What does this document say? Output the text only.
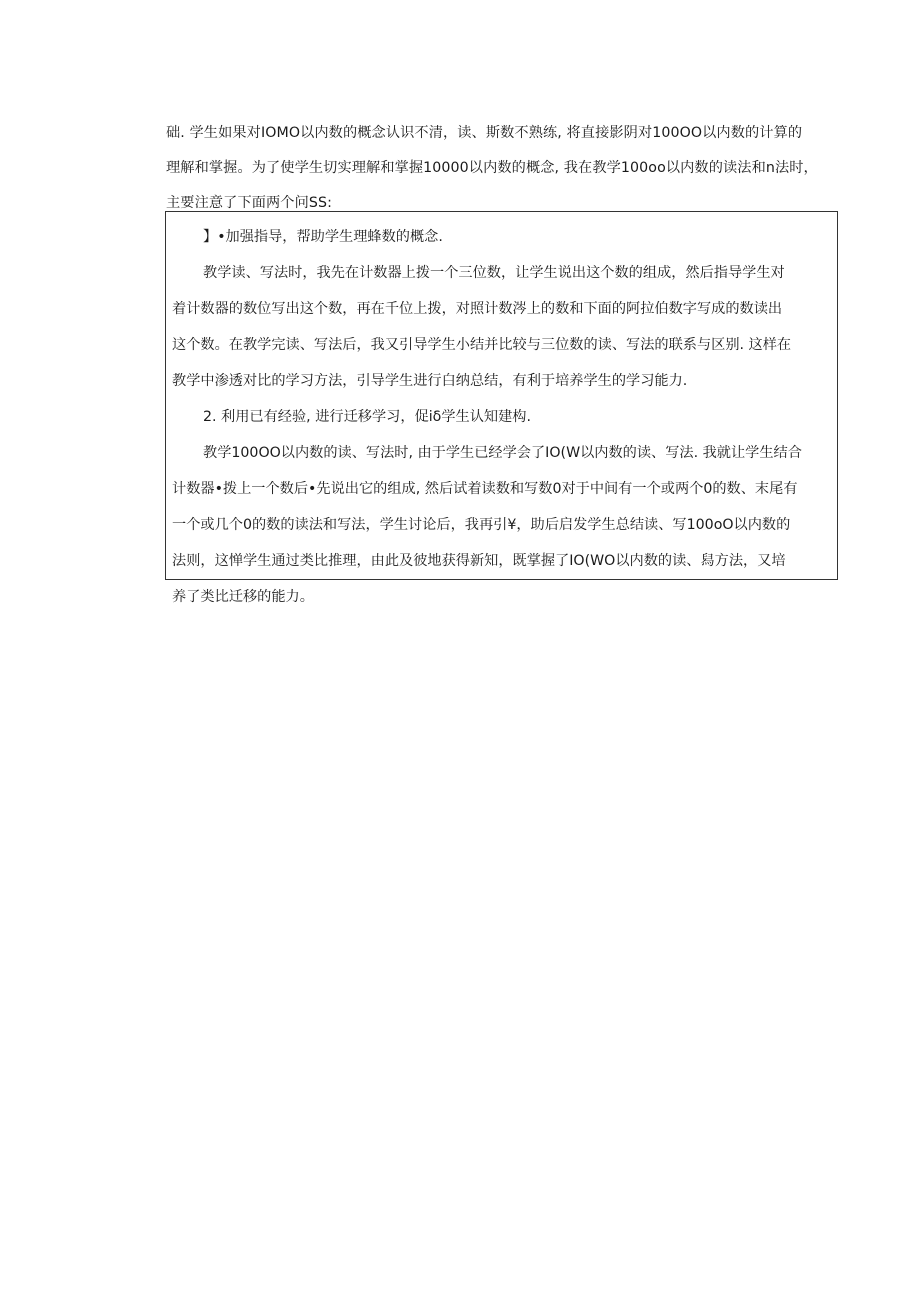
础. 学生如果对IOMO以内数的概念认识不清，读、斯数不熟练, 将直接影阴对100OO以内数的计算的

理解和掌握。为了使学生切实理解和掌握10000以内数的概念, 我在教学100oo以内数的读法和n法时，

主要注意了下面两个问SS:

】•加强指导，帮助学生理蜂数的概念.

教学读、写法时，我先在计数器上拨一个三位数，让学生说出这个数的组成，然后指导学生对

着计数器的数位写出这个数，再在千位上拨，对照计数涔上的数和下面的阿拉伯数字写成的数读出

这个数。在教学完读、写法后，我又引导学生小结并比较与三位数的读、写法的联系与区别. 这样在

教学中渗透对比的学习方法，引导学生进行白纳总结，有利于培养学生的学习能力.

2. 利用已有经验, 进行迁移学习，促iδ学生认知建构.

教学100OO以内数的读、写法时, 由于学生已经学会了IO(W以内数的读、写法. 我就让学生结合

计数器•拨上一个数后•先说出它的组成, 然后试着读数和写数0对于中间有一个或两个0的数、末尾有

一个或几个0的数的读法和写法，学生讨论后，我再引¥，助后启发学生总结读、写100oO以内数的

法则，这惮学生通过类比推理，由此及彼地获得新知，既掌握了IO(WO以内数的读、舄方法，又培

养了类比迁移的能力。
